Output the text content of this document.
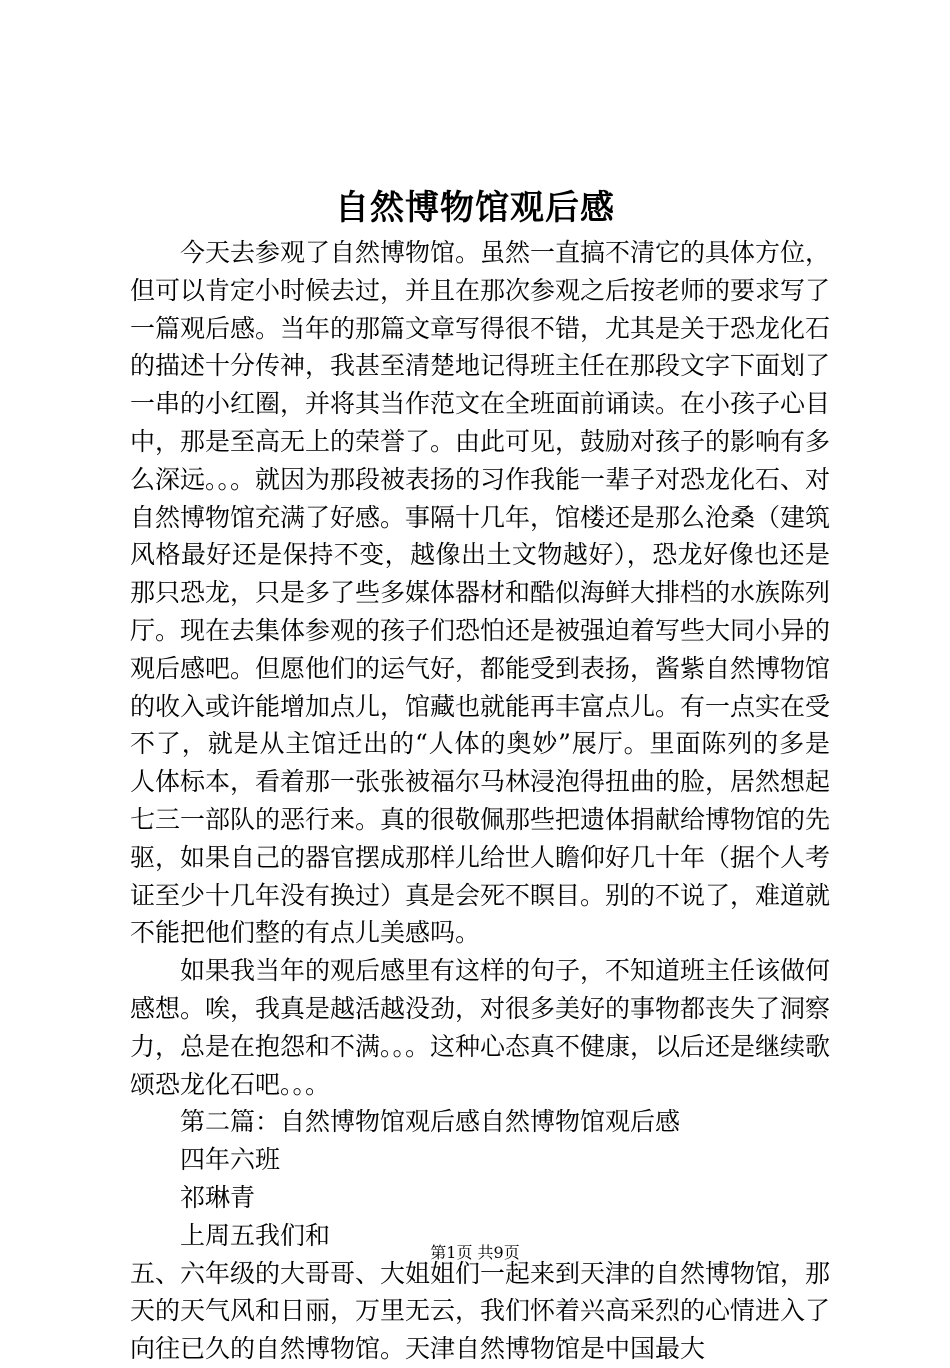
自然博物馆观后感

今天去参观了自然博物馆。虽然一直搞不清它的具体方位，但可以肯定小时候去过，并且在那次参观之后按老师的要求写了一篇观后感。当年的那篇文章写得很不错，尤其是关于恐龙化石的描述十分传神，我甚至清楚地记得班主任在那段文字下面划了一串的小红圈，并将其当作范文在全班面前诵读。在小孩子心目中，那是至高无上的荣誉了。由此可见，鼓励对孩子的影响有多么深远。。。就因为那段被表扬的习作我能一辈子对恐龙化石、对自然博物馆充满了好感。事隔十几年，馆楼还是那么沧桑（建筑风格最好还是保持不变，越像出土文物越好），恐龙好像也还是那只恐龙，只是多了些多媒体器材和酷似海鲜大排档的水族陈列厅。现在去集体参观的孩子们恐怕还是被强迫着写些大同小异的观后感吧。但愿他们的运气好，都能受到表扬，酱紫自然博物馆的收入或许能增加点儿，馆藏也就能再丰富点儿。有一点实在受不了，就是从主馆迁出的“人体的奥妙”展厅。里面陈列的多是人体标本，看着那一张张被福尔马林浸泡得扭曲的脸，居然想起七三一部队的恶行来。真的很敬佩那些把遗体捐献给博物馆的先驱，如果自己的器官摆成那样儿给世人瞻仰好几十年（据个人考证至少十几年没有换过）真是会死不瞑目。别的不说了，难道就不能把他们整的有点儿美感吗。

如果我当年的观后感里有这样的句子，不知道班主任该做何感想。唉，我真是越活越没劲，对很多美好的事物都丧失了洞察力，总是在抱怨和不满。。。这种心态真不健康，以后还是继续歌颂恐龙化石吧。。。

第二篇：自然博物馆观后感自然博物馆观后感

四年六班

祁琳青

上周五我们和

五、六年级的大哥哥、大姐姐们一起来到天津的自然博物馆，那天的天气风和日丽，万里无云，我们怀着兴高采烈的心情进入了向往已久的自然博物馆。天津自然博物馆是中国最大

第1页 共9页
